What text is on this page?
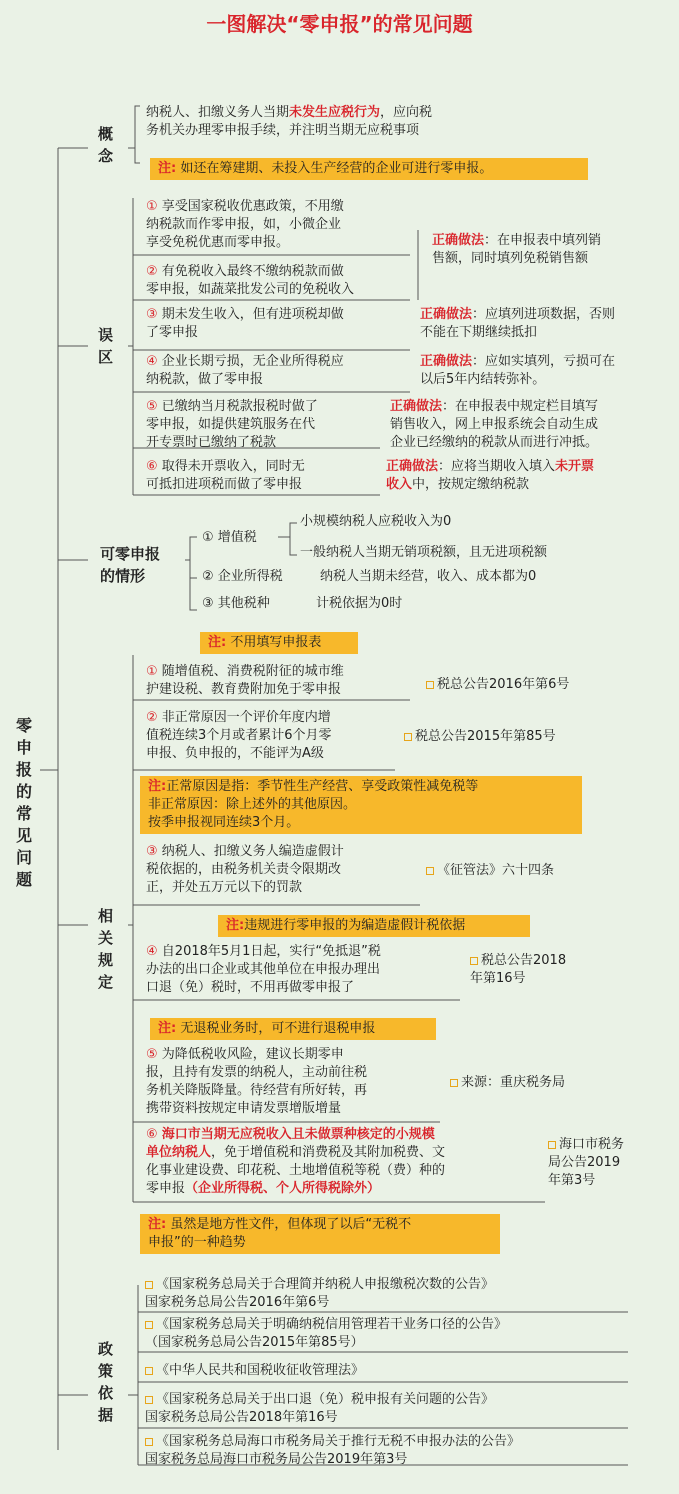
一图解决“零申报”的常见问题
零申报的常见问题
概念
纳税人、扣缴义务人当期未发生应税行为，应向税
务机关办理零申报手续，并注明当期无应税事项
注: 如还在筹建期、未投入生产经营的企业可进行零申报。
误区
① 享受国家税收优惠政策，不用缴
纳税款而作零申报，如，小微企业
享受免税优惠而零申报。
② 有免税收入最终不缴纳税款而做
零申报，如蔬菜批发公司的免税收入
③ 期未发生收入，但有进项税却做
了零申报
④ 企业长期亏损，无企业所得税应
纳税款，做了零申报
⑤ 已缴纳当月税款报税时做了
零申报，如提供建筑服务在代
开专票时已缴纳了税款
⑥ 取得未开票收入，同时无
可抵扣进项税而做了零申报
正确做法：在申报表中填列销
售额，同时填列免税销售额
正确做法：应填列进项数据，否则
不能在下期继续抵扣
正确做法：应如实填列，亏损可在
以后5年内结转弥补。
正确做法：在申报表中规定栏目填写
销售收入，网上申报系统会自动生成
企业已经缴纳的税款从而进行冲抵。
正确做法：应将当期收入填入未开票
收入中，按规定缴纳税款
可零申报
的情形
① 增值税
小规模纳税人应税收入为0
一般纳税人当期无销项税额，且无进项税额
② 企业所得税	纳税人当期未经营，收入、成本都为0
③ 其他税种	计税依据为0时
相关
规定
注: 不用填写申报表
① 随增值税、消费税附征的城市维
护建设税、教育费附加免于零申报	税总公告2016年第6号
② 非正常原因一个评价年度内增
值税连续3个月或者累计6个月零
申报、负申报的，不能评为A级
税总公告2015年第85号
注:正常原因是指：季节性生产经营、享受政策性减免税等
非正常原因：除上述外的其他原因。
按季申报视同连续3个月。
③ 纳税人、扣缴义务人编造虚假计
税依据的，由税务机关责令限期改
正，并处五万元以下的罚款
《征管法》六十四条
注:违规进行零申报的为编造虚假计税依据
④ 自2018年5月1日起，实行“免抵退”税
办法的出口企业或其他单位在申报办理出
口退（免）税时，不用再做零申报了
税总公告2018
年第16号
注: 无退税业务时，可不进行退税申报
⑤ 为降低税收风险，建议长期零申
报，且持有发票的纳税人，主动前往税
务机关降版降量。待经营有所好转，再
携带资料按规定申请发票增版增量
来源：重庆税务局
⑥ 海口市当期无应税收入且未做票种核定的小规模
单位纳税人，免于增值税和消费税及其附加税费、文
化事业建设费、印花税、土地增值税等税（费）种的
零申报（企业所得税、个人所得税除外）
海口市税务
局公告2019
年第3号
注: 虽然是地方性文件，但体现了以后“无税不
申报”的一种趋势
政
策
依
据
《国家税务总局关于合理简并纳税人申报缴税次数的公告》
国家税务总局公告2016年第6号
《国家税务总局关于明确纳税信用管理若干业务口径的公告》
（国家税务总局公告2015年第85号）
《中华人民共和国税收征收管理法》
《国家税务总局关于出口退（免）税申报有关问题的公告》
国家税务总局公告2018年第16号
《国家税务总局海口市税务局关于推行无税不申报办法的公告》
国家税务总局海口市税务局公告2019年第3号
